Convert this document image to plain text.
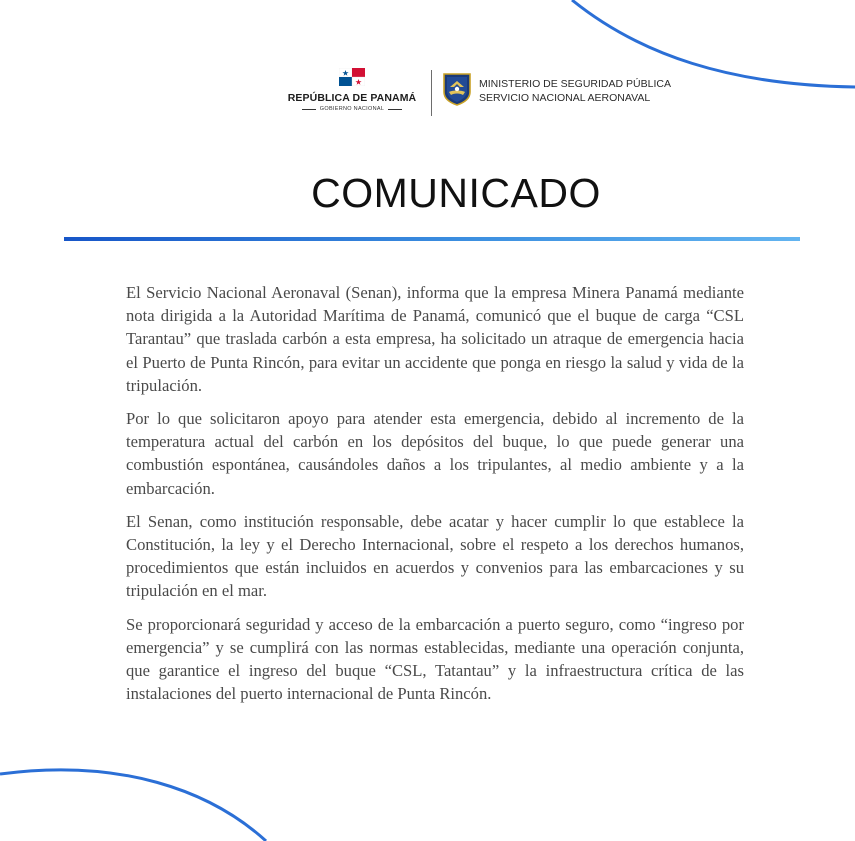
REPÚBLICA DE PANAMÁ
GOBIERNO NACIONAL
MINISTERIO DE SEGURIDAD PÚBLICA
SERVICIO NACIONAL AERONAVAL
COMUNICADO

El Servicio Nacional Aeronaval (Senan), informa que la empresa Minera Panamá mediante nota dirigida a la Autoridad Marítima de Panamá, comunicó que el buque de carga “CSL Tarantau” que traslada carbón a esta empresa, ha solicitado un atraque de emergencia hacia el Puerto de Punta Rincón, para evitar un accidente que ponga en riesgo la salud y vida de la tripulación.

Por lo que solicitaron apoyo para atender esta emergencia, debido al incremento de la temperatura actual del carbón en los depósitos del buque, lo que puede generar una combustión espontánea, causándoles daños a los tripulantes, al medio ambiente y a la embarcación.

El Senan, como institución responsable, debe acatar y hacer cumplir lo que establece la Constitución, la ley y el Derecho Internacional, sobre el respeto a los derechos humanos, procedimientos que están incluidos en acuerdos y convenios para las embarcaciones y su tripulación en el mar.

Se proporcionará seguridad y acceso de la embarcación a puerto seguro, como “ingreso por emergencia” y se cumplirá con las normas establecidas, mediante una operación conjunta, que garantice el ingreso del buque “CSL, Tatantau” y la infraestructura crítica de las instalaciones del puerto internacional de Punta Rincón.
